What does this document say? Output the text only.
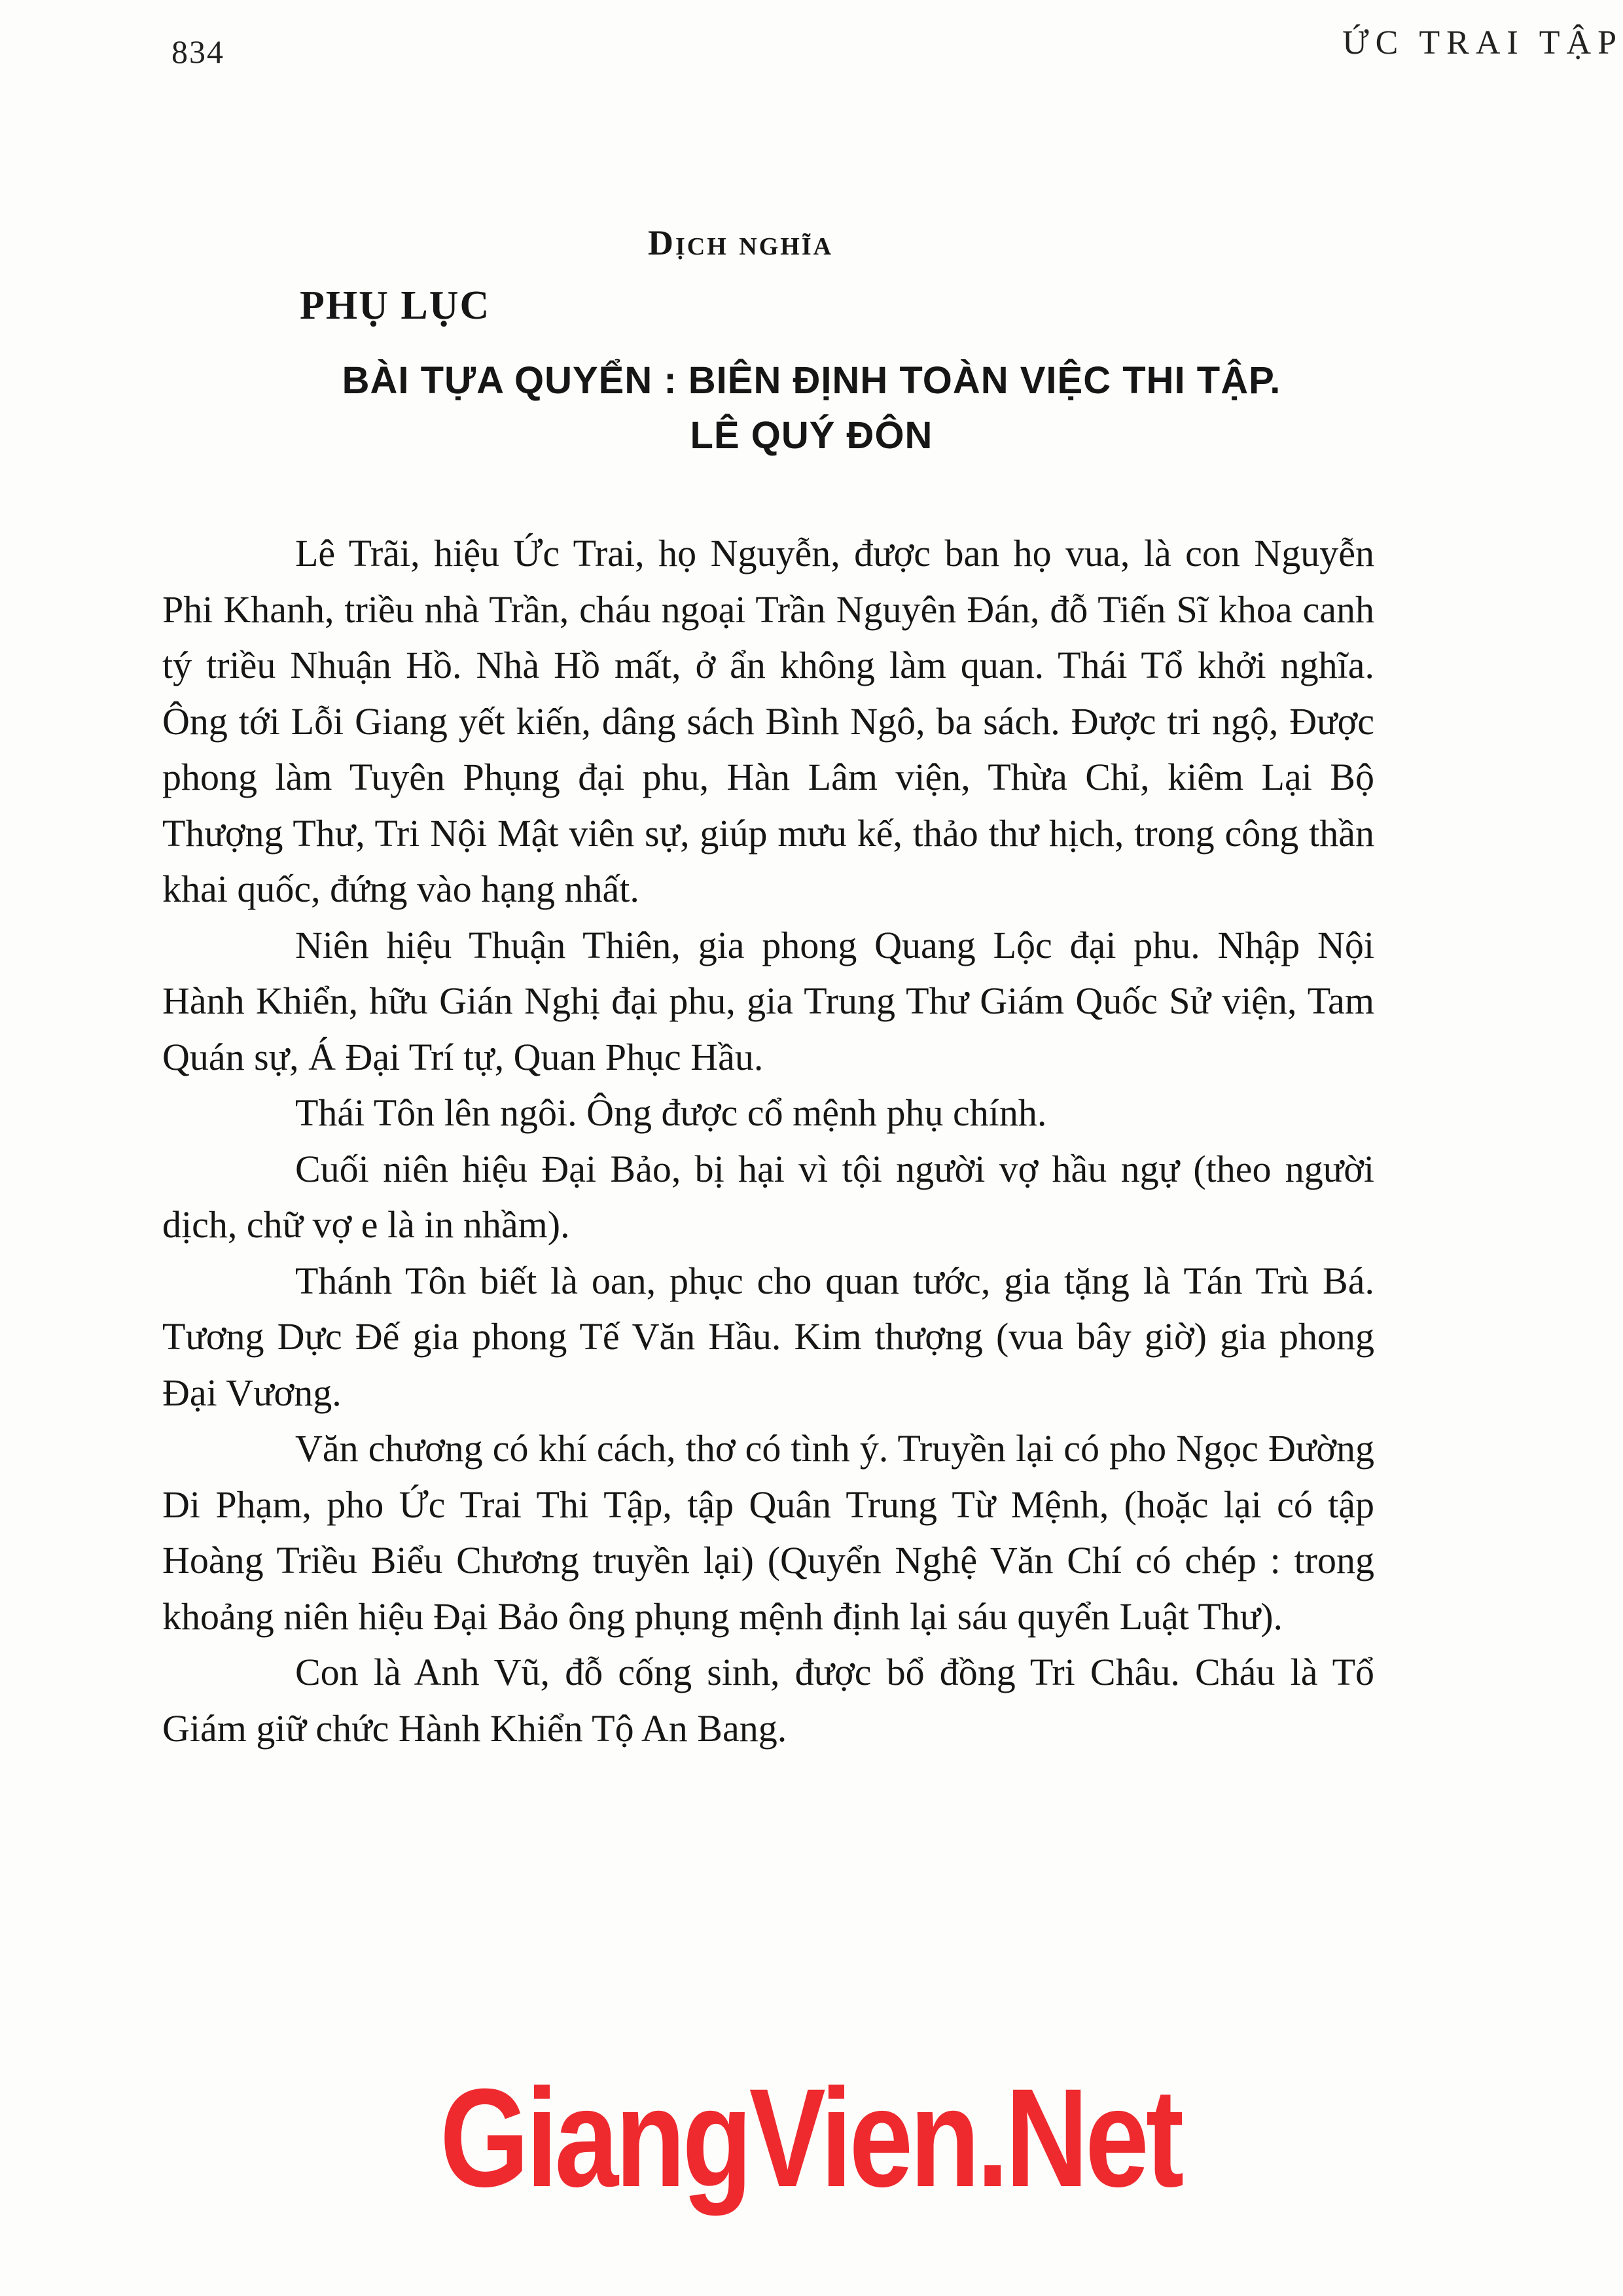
834	ỨC TRAI TẬP
Dịch nghĩa
PHỤ LỤC
BÀI TỰA QUYỂN : BIÊN ĐỊNH TOÀN VIỆC THI TẬP.
LÊ QUÝ ĐÔN

Lê Trãi, hiệu Ức Trai, họ Nguyễn, được ban họ vua, là con Nguyễn Phi Khanh, triều nhà Trần, cháu ngoại Trần Nguyên Đán, đỗ Tiến Sĩ khoa canh tý triều Nhuận Hồ. Nhà Hồ mất, ở ẩn không làm quan. Thái Tổ khởi nghĩa. Ông tới Lỗi Giang yết kiến, dâng sách Bình Ngô, ba sách. Được tri ngộ, Được phong làm Tuyên Phụng đại phu, Hàn Lâm viện, Thừa Chỉ, kiêm Lại Bộ Thượng Thư, Tri Nội Mật viên sự, giúp mưu kế, thảo thư hịch, trong công thần khai quốc, đứng vào hạng nhất.

Niên hiệu Thuận Thiên, gia phong Quang Lộc đại phu. Nhập Nội Hành Khiển, hữu Gián Nghị đại phu, gia Trung Thư Giám Quốc Sử viện, Tam Quán sự, Á Đại Trí tự, Quan Phục Hầu.

Thái Tôn lên ngôi. Ông được cổ mệnh phụ chính.

Cuối niên hiệu Đại Bảo, bị hại vì tội người vợ hầu ngự (theo người dịch, chữ vợ e là in nhầm).

Thánh Tôn biết là oan, phục cho quan tước, gia tặng là Tán Trù Bá. Tương Dực Đế gia phong Tế Văn Hầu. Kim thượng (vua bây giờ) gia phong Đại Vương.

Văn chương có khí cách, thơ có tình ý. Truyền lại có pho Ngọc Đường Di Phạm, pho Ức Trai Thi Tập, tập Quân Trung Từ Mệnh, (hoặc lại có tập Hoàng Triều Biểu Chương truyền lại) (Quyển Nghệ Văn Chí có chép : trong khoảng niên hiệu Đại Bảo ông phụng mệnh định lại sáu quyển Luật Thư).

Con là Anh Vũ, đỗ cống sinh, được bổ đồng Tri Châu. Cháu là Tổ Giám giữ chức Hành Khiển Tộ An Bang.

GiangVien.Net
